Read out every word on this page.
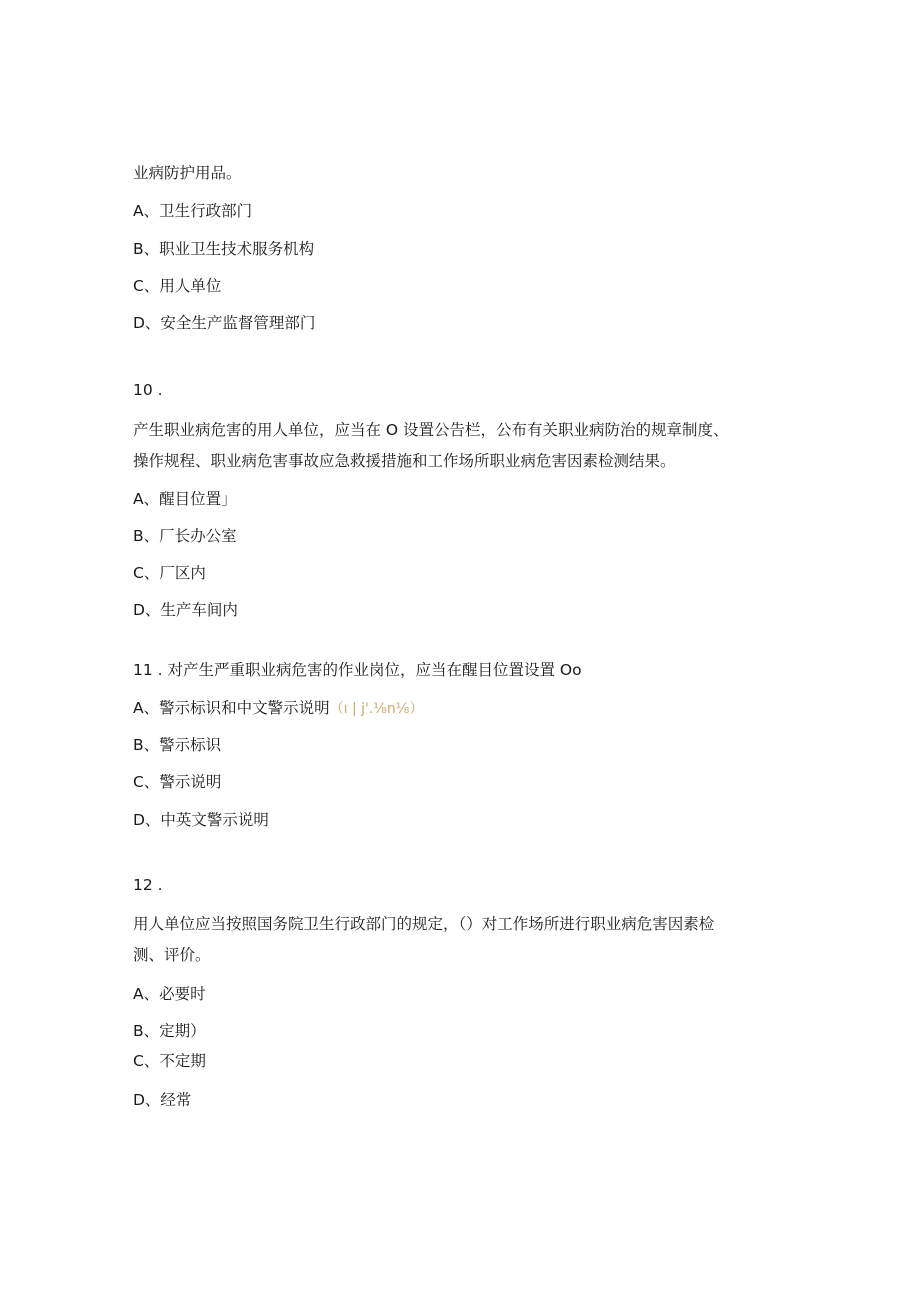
业病防护用品。
A、卫生行政部门
B、职业卫生技术服务机构
C、用人单位
D、安全生产监督管理部门
10 .
产生职业病危害的用人单位，应当在 O 设置公告栏，公布有关职业病防治的规章制度、
操作规程、职业病危害事故应急救援措施和工作场所职业病危害因素检测结果。
A、醒目位置」
B、厂长办公室
C、厂区内
D、生产车间内
11 . 对产生严重职业病危害的作业岗位，应当在醒目位置设置 Oo
A、警示标识和中文警示说明（ı | j'.⅛n⅛）
B、警示标识
C、警示说明
D、中英文警示说明
12 .
用人单位应当按照国务院卫生行政部门的规定，（）对工作场所进行职业病危害因素检
测、评价。
A、必要时
B、定期）
C、不定期
D、经常
